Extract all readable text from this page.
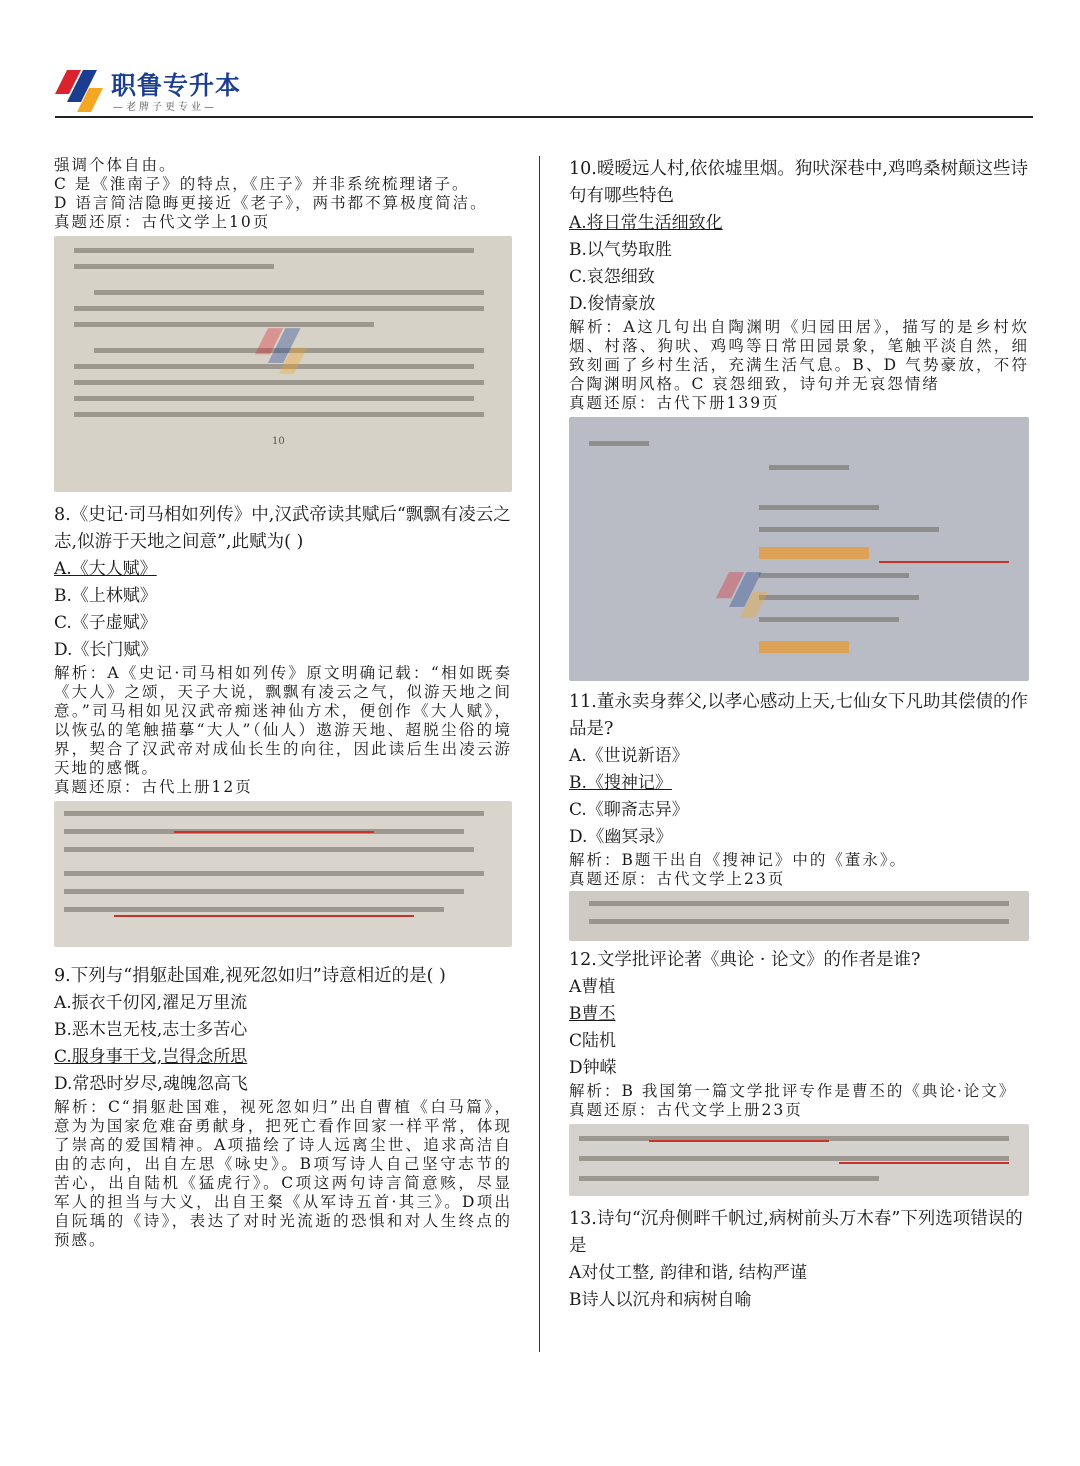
职鲁专升本
—老牌子更专业—

强调个体自由。

C 是《淮南子》的特点，《庄子》并非系统梳理诸子。

D 语言简洁隐晦更接近《老子》，两书都不算极度简洁。

真题还原：古代文学上10页

10

8.《史记·司马相如列传》中,汉武帝读其赋后“飘飘有凌云之志,似游于天地之间意”,此赋为( )

A.《大人赋》

B.《上林赋》

C.《子虚赋》

D.《长门赋》

解析：A《史记·司马相如列传》原文明确记载：“相如既奏《大人》之颂，天子大说，飘飘有凌云之气，似游天地之间意。”司马相如见汉武帝痴迷神仙方术，便创作《大人赋》，以恢弘的笔触描摹“大人”（仙人）遨游天地、超脱尘俗的境界，契合了汉武帝对成仙长生的向往，因此读后生出凌云游天地的感慨。

真题还原：古代上册12页

9.下列与“捐躯赴国难,视死忽如归”诗意相近的是( )

A.振衣千仞冈,濯足万里流

B.恶木岂无枝,志士多苦心

C.服身事干戈,岂得念所思

D.常恐时岁尽,魂魄忽高飞

解析：C“捐躯赴国难，视死忽如归”出自曹植《白马篇》，意为为国家危难奋勇献身，把死亡看作回家一样平常，体现了崇高的爱国精神。A项描绘了诗人远离尘世、追求高洁自由的志向，出自左思《咏史》。B项写诗人自己坚守志节的苦心，出自陆机《猛虎行》。C项这两句诗言简意赅，尽显军人的担当与大义，出自王粲《从军诗五首·其三》。D项出自阮瑀的《诗》，表达了对时光流逝的恐惧和对人生终点的预感。

10.暧暧远人村,依依墟里烟。狗吠深巷中,鸡鸣桑树颠这些诗句有哪些特色

A.将日常生活细致化

B.以气势取胜

C.哀怨细致

D.俊情豪放

解析：A这几句出自陶渊明《归园田居》，描写的是乡村炊烟、村落、狗吠、鸡鸣等日常田园景象，笔触平淡自然，细致刻画了乡村生活，充满生活气息。B、D 气势豪放，不符合陶渊明风格。C 哀怨细致，诗句并无哀怨情绪

真题还原：古代下册139页

11.董永卖身葬父,以孝心感动上天,七仙女下凡助其偿债的作品是?

A.《世说新语》

B.《搜神记》

C.《聊斋志异》

D.《幽冥录》

解析：B题干出自《搜神记》中的《董永》。

真题还原：古代文学上23页

12.文学批评论著《典论 · 论文》的作者是谁?

A曹植

B曹丕

C陆机

D钟嵘

解析：B 我国第一篇文学批评专作是曹丕的《典论·论文》

真题还原：古代文学上册23页

13.诗句“沉舟侧畔千帆过,病树前头万木春”下列选项错误的是

A对仗工整, 韵律和谐, 结构严谨

B诗人以沉舟和病树自喻
